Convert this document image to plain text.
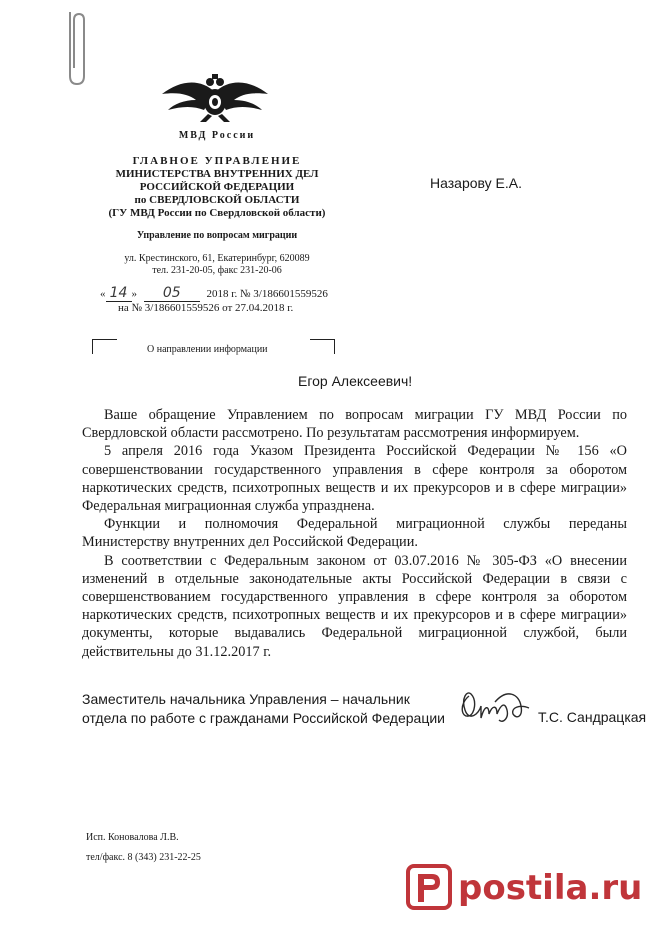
МВД России
ГЛАВНОЕ УПРАВЛЕНИЕ
МИНИСТЕРСТВА ВНУТРЕННИХ ДЕЛ
РОССИЙСКОЙ ФЕДЕРАЦИИ
по СВЕРДЛОВСКОЙ ОБЛАСТИ
(ГУ МВД России по Свердловской области)
Управление по вопросам миграции
ул. Крестинского, 61, Екатеринбург, 620089
тел. 231-20-05, факс 231-20-06
« 14 » 05 2018 г. № 3/186601559526
на № 3/186601559526 от 27.04.2018 г.
Назарову Е.А.
О направлении информации
Егор Алексеевич!

Ваше обращение Управлением по вопросам миграции ГУ МВД России по Свердловской области рассмотрено. По результатам рассмотрения информируем.

5 апреля 2016 года Указом Президента Российской Федерации № 156 «О совершенствовании государственного управления в сфере контроля за оборотом наркотических средств, психотропных веществ и их прекурсоров и в сфере миграции» Федеральная миграционная служба упразднена.

Функции и полномочия Федеральной миграционной службы переданы Министерству внутренних дел Российской Федерации.

В соответствии с Федеральным законом от 03.07.2016 № 305-ФЗ «О внесении изменений в отдельные законодательные акты Российской Федерации в связи с совершенствованием государственного управления в сфере контроля за оборотом наркотических средств, психотропных веществ и их прекурсоров и в сфере миграции» документы, которые выдавались Федеральной миграционной службой, были действительны до 31.12.2017 г.

Заместитель начальника Управления – начальник
отдела по работе с гражданами Российской Федерации	Т.С. Сандрацкая
Исп. Коновалова Л.В.
тел/факс. 8 (343) 231-22-25
postila.ru
